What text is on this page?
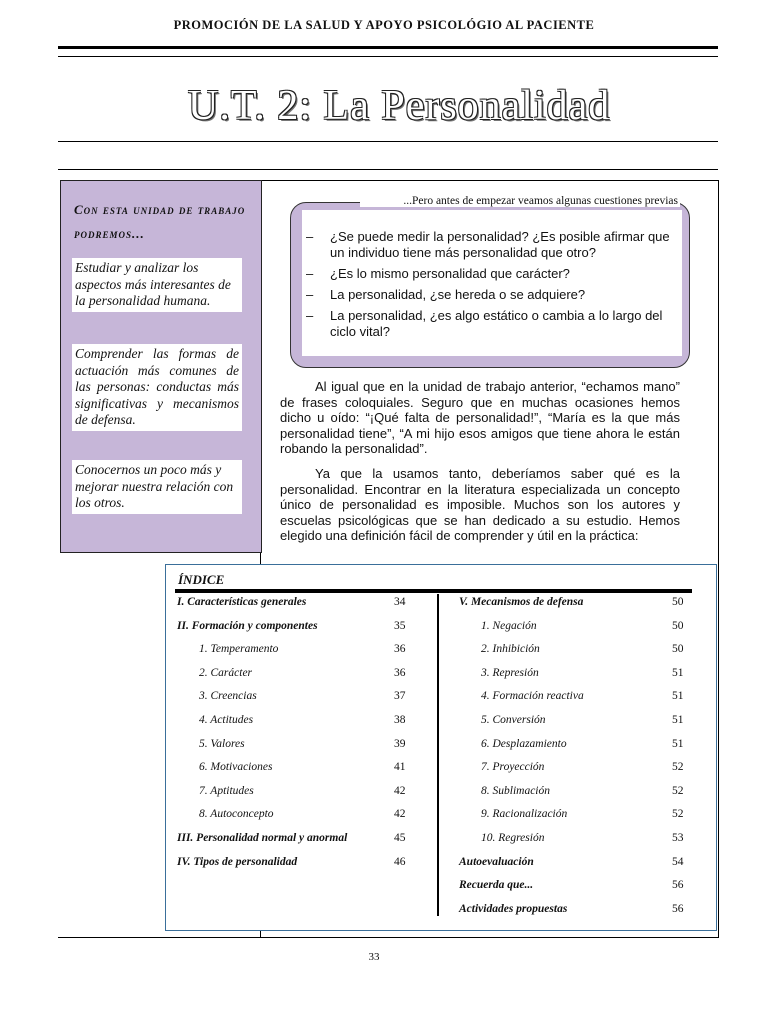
PROMOCIÓN DE LA SALUD Y APOYO PSICOLÓGIO AL PACIENTE
U.T. 2: La Personalidad
Con esta unidad de trabajo podremos...
Estudiar y analizar los aspectos más interesantes de la personalidad humana.
Comprender las formas de actuación más comunes de las personas: conductas más significativas y mecanismos de defensa.
Conocernos un poco más y mejorar nuestra relación con los otros.
...Pero antes de empezar veamos algunas cuestiones previas
– ¿Se puede medir la personalidad? ¿Es posible afirmar que un individuo tiene más personalidad que otro?
– ¿Es lo mismo personalidad que carácter?
– La personalidad, ¿se hereda o se adquiere?
– La personalidad, ¿es algo estático o cambia a lo largo del ciclo vital?
Al igual que en la unidad de trabajo anterior, “echamos mano” de frases coloquiales. Seguro que en muchas ocasiones hemos dicho u oído: “¡Qué falta de personalidad!”, “María es la que más personalidad tiene”, “A mi hijo esos amigos que tiene ahora le están robando la personalidad”.
Ya que la usamos tanto, deberíamos saber qué es la personalidad. Encontrar en la literatura especializada un concepto único de personalidad es imposible. Muchos son los autores y escuelas psicológicas que se han dedicado a su estudio. Hemos elegido una definición fácil de comprender y útil en la práctica:
ÍNDICE
I. Características generales	34
II. Formación y componentes	35
1. Temperamento	36
2. Carácter	36
3. Creencias	37
4. Actitudes	38
5. Valores	39
6. Motivaciones	41
7. Aptitudes	42
8. Autoconcepto	42
III. Personalidad normal y anormal	45
IV. Tipos de personalidad	46
V. Mecanismos de defensa	50
1. Negación	50
2. Inhibición	50
3. Represión	51
4. Formación reactiva	51
5. Conversión	51
6. Desplazamiento	51
7. Proyección	52
8. Sublimación	52
9. Racionalización	52
10. Regresión	53
Autoevaluación	54
Recuerda que...	56
Actividades propuestas	56
33
